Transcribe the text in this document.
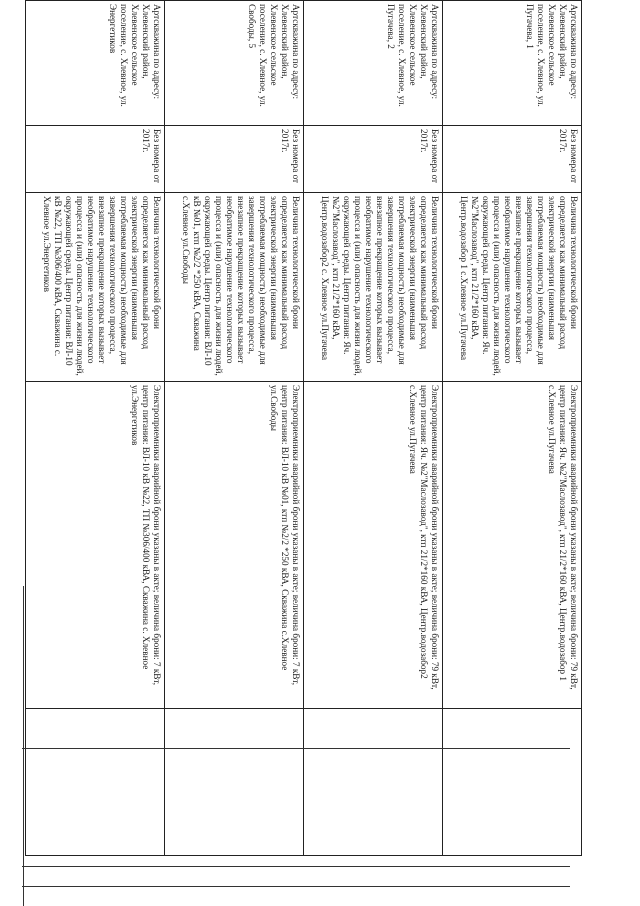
Артскважина по адресу: Хлевенский район, Хлевенское сельское поселение, с. Хлевное, ул. Пугачева, 1	Без номера от 2017г.	Величина технологической брони определяется как минимальный расход электрической энергии (наименьшая потребляемая мощность) необходимые для завершения технологического процесса, внезапное прекращение которых вызывает необратимое нарушение технологического процесса и (или) опасность для жизни людей, окружающей среды. Центр питания: Яч. №2"Маслозавод", ктп 21/2*160 кВА, Центр.водозабор 1 с.Хлевное ул.Пугачева	Электроприемники аварийной брони указаны в акте; величина брони: 79 кВт, центр питания: Яч. №2"Маслозавод", ктп 21/2*160 кВА, Центр.водозабор 1 с.Хлевное ул.Пугачева	
Артскважина по адресу: Хлевенский район, Хлевенское сельское поселение, с. Хлевное, ул. Пугачева, 2	Без номера от 2017г.	Величина технологической брони определяется как минимальный расход электрической энергии (наименьшая потребляемая мощность) необходимые для завершения технологического процесса, внезапное прекращение которых вызывает необратимое нарушение технологического процесса и (или) опасность для жизни людей, окружающей среды. Центр питания: Яч. №2"Маслозавод", ктп 21/2*160 кВА, Центр.водозабор2 с. Хлевное ул.Пугачева	Электроприемники аварийной брони указаны в акте; величина брони: 79 кВт, центр питания: Яч. №2"Маслозавод", ктп 21/2*160 кВА, Центр.водозабор2 с.Хлевное ул.Пугачева	
Артскважина по адресу: Хлевенский район, Хлевенское сельское поселение, с. Хлевное, ул. Свободы, 5	Без номера от 2017г.	Величина технологической брони определяется как минимальный расход электрической энергии (наименьшая потребляемая мощность) необходимые для завершения технологического процесса, внезапное прекращение которых вызывает необратимое нарушение технологического процесса и (или) опасность для жизни людей, окружающей среды. Центр питания: ВЛ-10 кВ №01, ктп №2/2 *250 кВА, Скважина с.Хлевное ул.Свободы	Электроприемники аварийной брони указаны в акте; величина брони: 7 кВт, центр питания: ВЛ-10 кВ №01, ктп №2/2 *250 кВА, Скважина с.Хлевное ул.Свободы	
Артскважина по адресу: Хлевенский район, Хлевенское сельское поселение, с. Хлевное, ул. Энергетиков	Без номера от 2017г.	Величина технологической брони определяется как минимальный расход электрической энергии (наименьшая потребляемая мощность) необходимые для завершения технологического процесса, внезапное прекращение которых вызывает необратимое нарушение технологического процесса и (или) опасность для жизни людей, окружающей среды. Центр питания: ВЛ-10 кВ №22, ТП №306/400 кВА, Скважина с. Хлевное ул.Энергетиков	Электроприемники аварийной брони указаны в акте; величина брони: 7 кВт, центр питания: ВЛ-10 кВ №22, ТП №306/400 кВА, Скважина с. Хлевное ул.Энергетиков	
